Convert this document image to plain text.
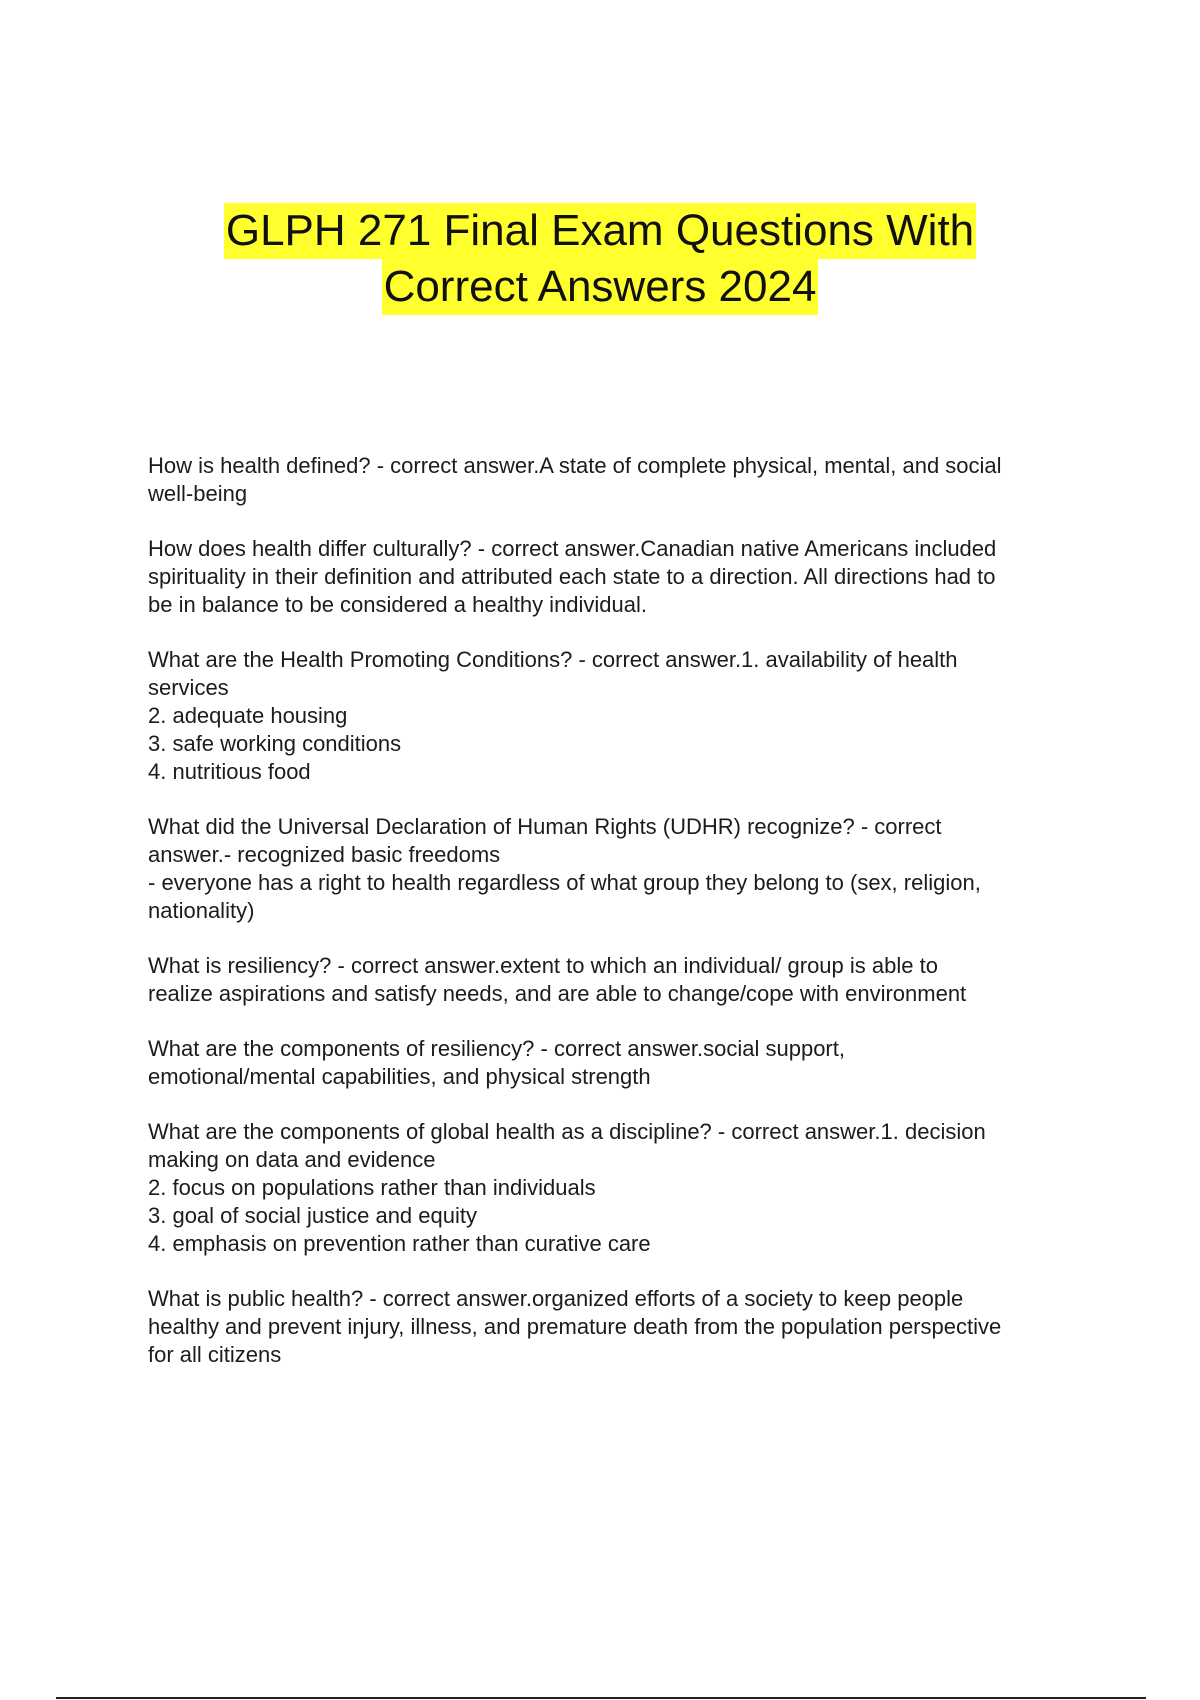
GLPH 271 Final Exam Questions With
Correct Answers 2024
How is health defined? - correct answer.A state of complete physical, mental, and social
well-being
How does health differ culturally? - correct answer.Canadian native Americans included
spirituality in their definition and attributed each state to a direction. All directions had to
be in balance to be considered a healthy individual.
What are the Health Promoting Conditions? - correct answer.1. availability of health
services
2. adequate housing
3. safe working conditions
4. nutritious food
What did the Universal Declaration of Human Rights (UDHR) recognize? - correct
answer.- recognized basic freedoms
- everyone has a right to health regardless of what group they belong to (sex, religion,
nationality)
What is resiliency? - correct answer.extent to which an individual/ group is able to
realize aspirations and satisfy needs, and are able to change/cope with environment
What are the components of resiliency? - correct answer.social support,
emotional/mental capabilities, and physical strength
What are the components of global health as a discipline? - correct answer.1. decision
making on data and evidence
2. focus on populations rather than individuals
3. goal of social justice and equity
4. emphasis on prevention rather than curative care
What is public health? - correct answer.organized efforts of a society to keep people
healthy and prevent injury, illness, and premature death from the population perspective
for all citizens
